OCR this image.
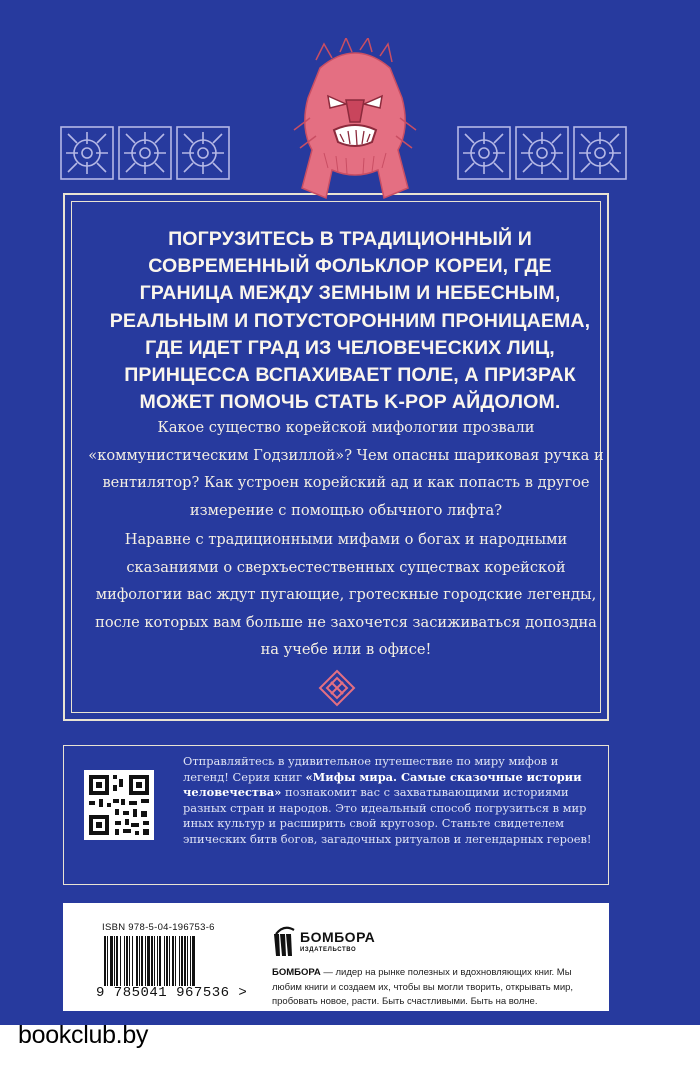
ПОГРУЗИТЕСЬ В ТРАДИЦИОННЫЙ И СОВРЕМЕННЫЙ ФОЛЬКЛОР КОРЕИ, ГДЕ ГРАНИЦА МЕЖДУ ЗЕМНЫМ И НЕБЕСНЫМ, РЕАЛЬНЫМ И ПОТУСТОРОННИМ ПРОНИЦАЕМА, ГДЕ ИДЕТ ГРАД ИЗ ЧЕЛОВЕЧЕСКИХ ЛИЦ, ПРИНЦЕССА ВСПАХИВАЕТ ПОЛЕ, А ПРИЗРАК МОЖЕТ ПОМОЧЬ СТАТЬ K-POP АЙДОЛОМ.
Какое существо корейской мифологии прозвали «коммунистическим Годзиллой»? Чем опасны шариковая ручка и вентилятор? Как устроен корейский ад и как попасть в другое измерение с помощью обычного лифта?
Наравне с традиционными мифами о богах и народными сказаниями о сверхъестественных существах корейской мифологии вас ждут пугающие, гротескные городские легенды, после которых вам больше не захочется засиживаться допоздна на учебе или в офисе!
Отправляйтесь в удивительное путешествие по миру мифов и легенд! Серия книг «Мифы мира. Самые сказочные истории человечества» познакомит вас с захватывающими историями разных стран и народов. Это идеальный способ погрузиться в мир иных культур и расширить свой кругозор. Станьте свидетелем эпических битв богов, загадочных ритуалов и легендарных героев!
ISBN 978-5-04-196753-6
9 785041 967536 >
БОМБОРА
ИЗДАТЕЛЬСТВО
БОМБОРА — лидер на рынке полезных и вдохновляющих книг. Мы любим книги и создаем их, чтобы вы могли творить, открывать мир, пробовать новое, расти. Быть счастливыми. Быть на волне.
bookclub.by
